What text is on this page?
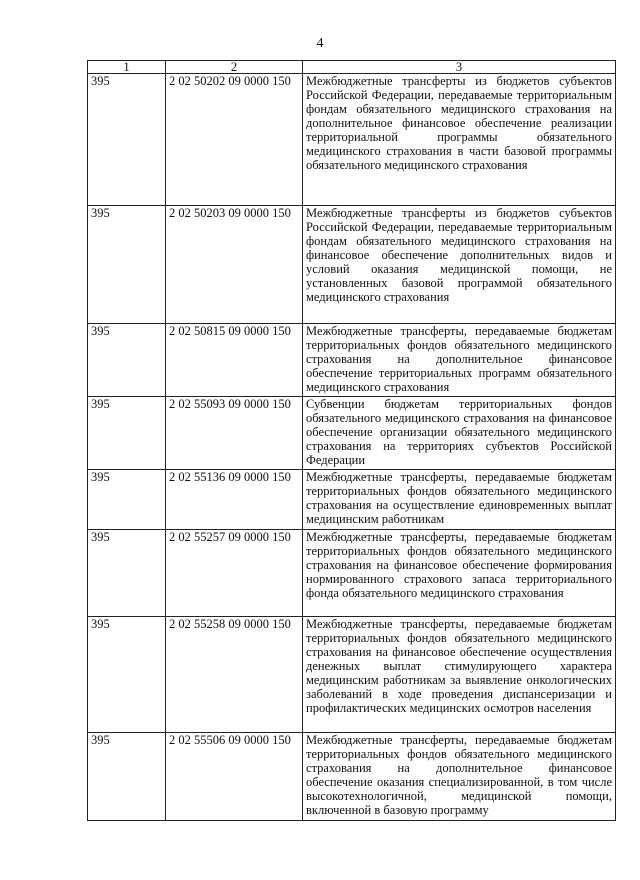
4
1	2	3
395	2 02 50202 09 0000 150	Межбюджетные трансферты из бюджетов субъектов Российской Федерации, передаваемые территориальным фондам обязательного медицинского страхования на дополнительное финансовое обеспечение реализации территориальной программы обязательного медицинского страхования в части базовой программы обязательного медицинского страхования
395	2 02 50203 09 0000 150	Межбюджетные трансферты из бюджетов субъектов Российской Федерации, передаваемые территориальным фондам обязательного медицинского страхования на финансовое обеспечение дополнительных видов и условий оказания медицинской помощи, не установленных базовой программой обязательного медицинского страхования
395	2 02 50815 09 0000 150	Межбюджетные трансферты, передаваемые бюджетам территориальных фондов обязательного медицинского страхования на дополнительное финансовое обеспечение территориальных программ обязательного медицинского страхования
395	2 02 55093 09 0000 150	Субвенции бюджетам территориальных фондов обязательного медицинского страхования на финансовое обеспечение организации обязательного медицинского страхования на территориях субъектов Российской Федерации
395	2 02 55136 09 0000 150	Межбюджетные трансферты, передаваемые бюджетам территориальных фондов обязательного медицинского страхования на осуществление единовременных выплат медицинским работникам
395	2 02 55257 09 0000 150	Межбюджетные трансферты, передаваемые бюджетам территориальных фондов обязательного медицинского страхования на финансовое обеспечение формирования нормированного страхового запаса территориального фонда обязательного медицинского страхования
395	2 02 55258 09 0000 150	Межбюджетные трансферты, передаваемые бюджетам территориальных фондов обязательного медицинского страхования на финансовое обеспечение осуществления денежных выплат стимулирующего характера медицинским работникам за выявление онкологических заболеваний в ходе проведения диспансеризации и профилактических медицинских осмотров населения
395	2 02 55506 09 0000 150	Межбюджетные трансферты, передаваемые бюджетам территориальных фондов обязательного медицинского страхования на дополнительное финансовое обеспечение оказания специализированной, в том числе высокотехнологичной, медицинской помощи, включенной в базовую программу
